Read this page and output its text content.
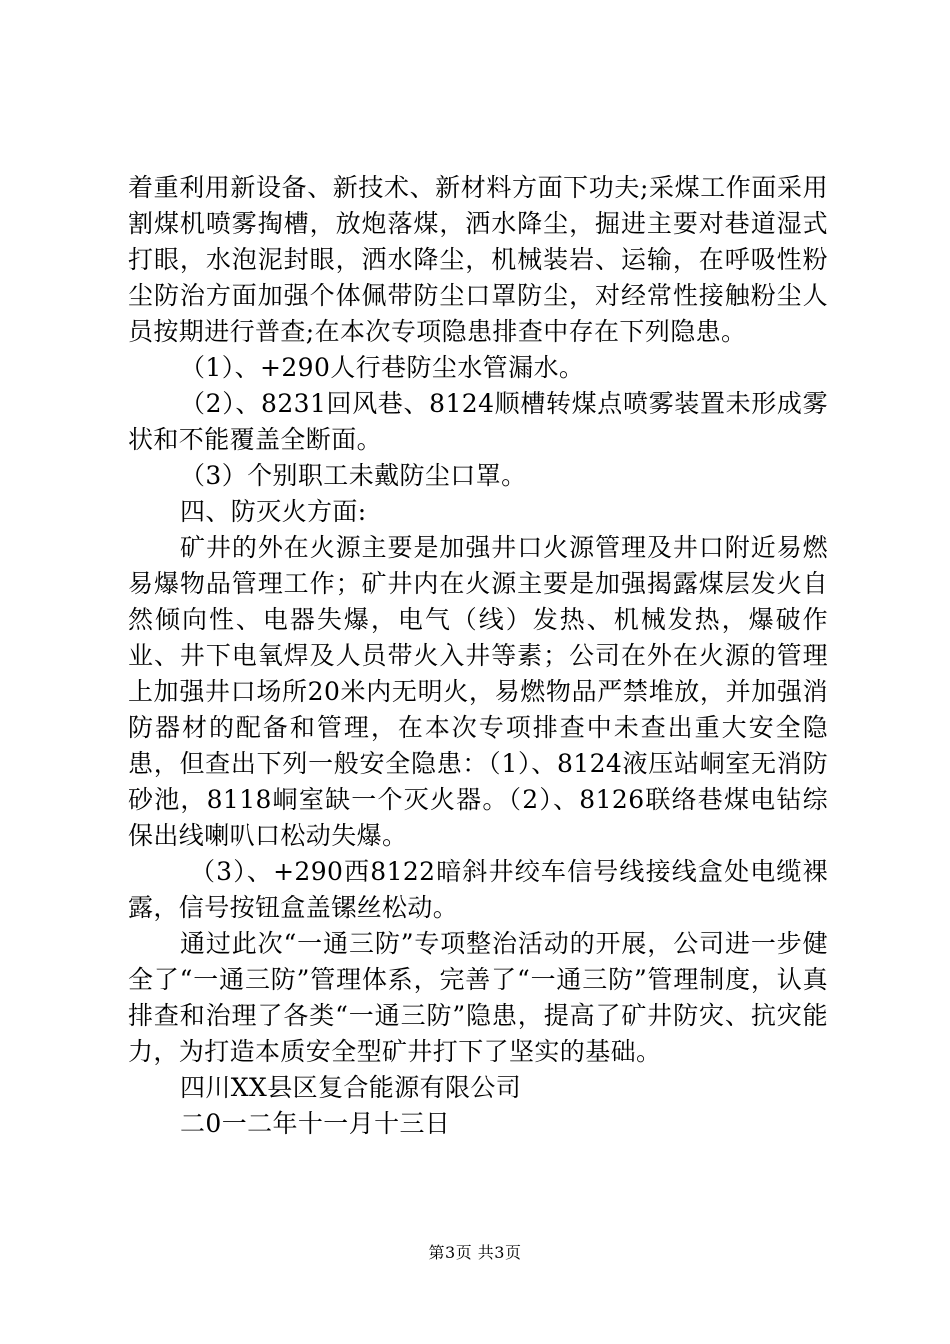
着重利用新设备、新技术、新材料方面下功夫;采煤工作面采用割煤机喷雾掏槽，放炮落煤，洒水降尘，掘进主要对巷道湿式打眼，水泡泥封眼，洒水降尘，机械装岩、运输，在呼吸性粉尘防治方面加强个体佩带防尘口罩防尘，对经常性接触粉尘人员按期进行普查;在本次专项隐患排查中存在下列隐患。

（1）、+290人行巷防尘水管漏水。

（2）、8231回风巷、8124顺槽转煤点喷雾装置未形成雾状和不能覆盖全断面。

（3）个别职工未戴防尘口罩。

四、防灭火方面:

矿井的外在火源主要是加强井口火源管理及井口附近易燃易爆物品管理工作；矿井内在火源主要是加强揭露煤层发火自然倾向性、电器失爆，电气（线）发热、机械发热，爆破作业、井下电氧焊及人员带火入井等素；公司在外在火源的管理上加强井口场所20米内无明火，易燃物品严禁堆放，并加强消防器材的配备和管理，在本次专项排查中未查出重大安全隐患，但查出下列一般安全隐患：（1）、8124液压站峒室无消防砂池，8118峒室缺一个灭火器。（2）、8126联络巷煤电钻综保出线喇叭口松动失爆。

（3）、+290西8122暗斜井绞车信号线接线盒处电缆裸露，信号按钮盒盖镙丝松动。

通过此次“一通三防”专项整治活动的开展，公司进一步健全了“一通三防”管理体系，完善了“一通三防”管理制度，认真排查和治理了各类“一通三防”隐患，提高了矿井防灾、抗灾能力，为打造本质安全型矿井打下了坚实的基础。

四川XX县区复合能源有限公司

二0一二年十一月十三日

第3页 共3页
